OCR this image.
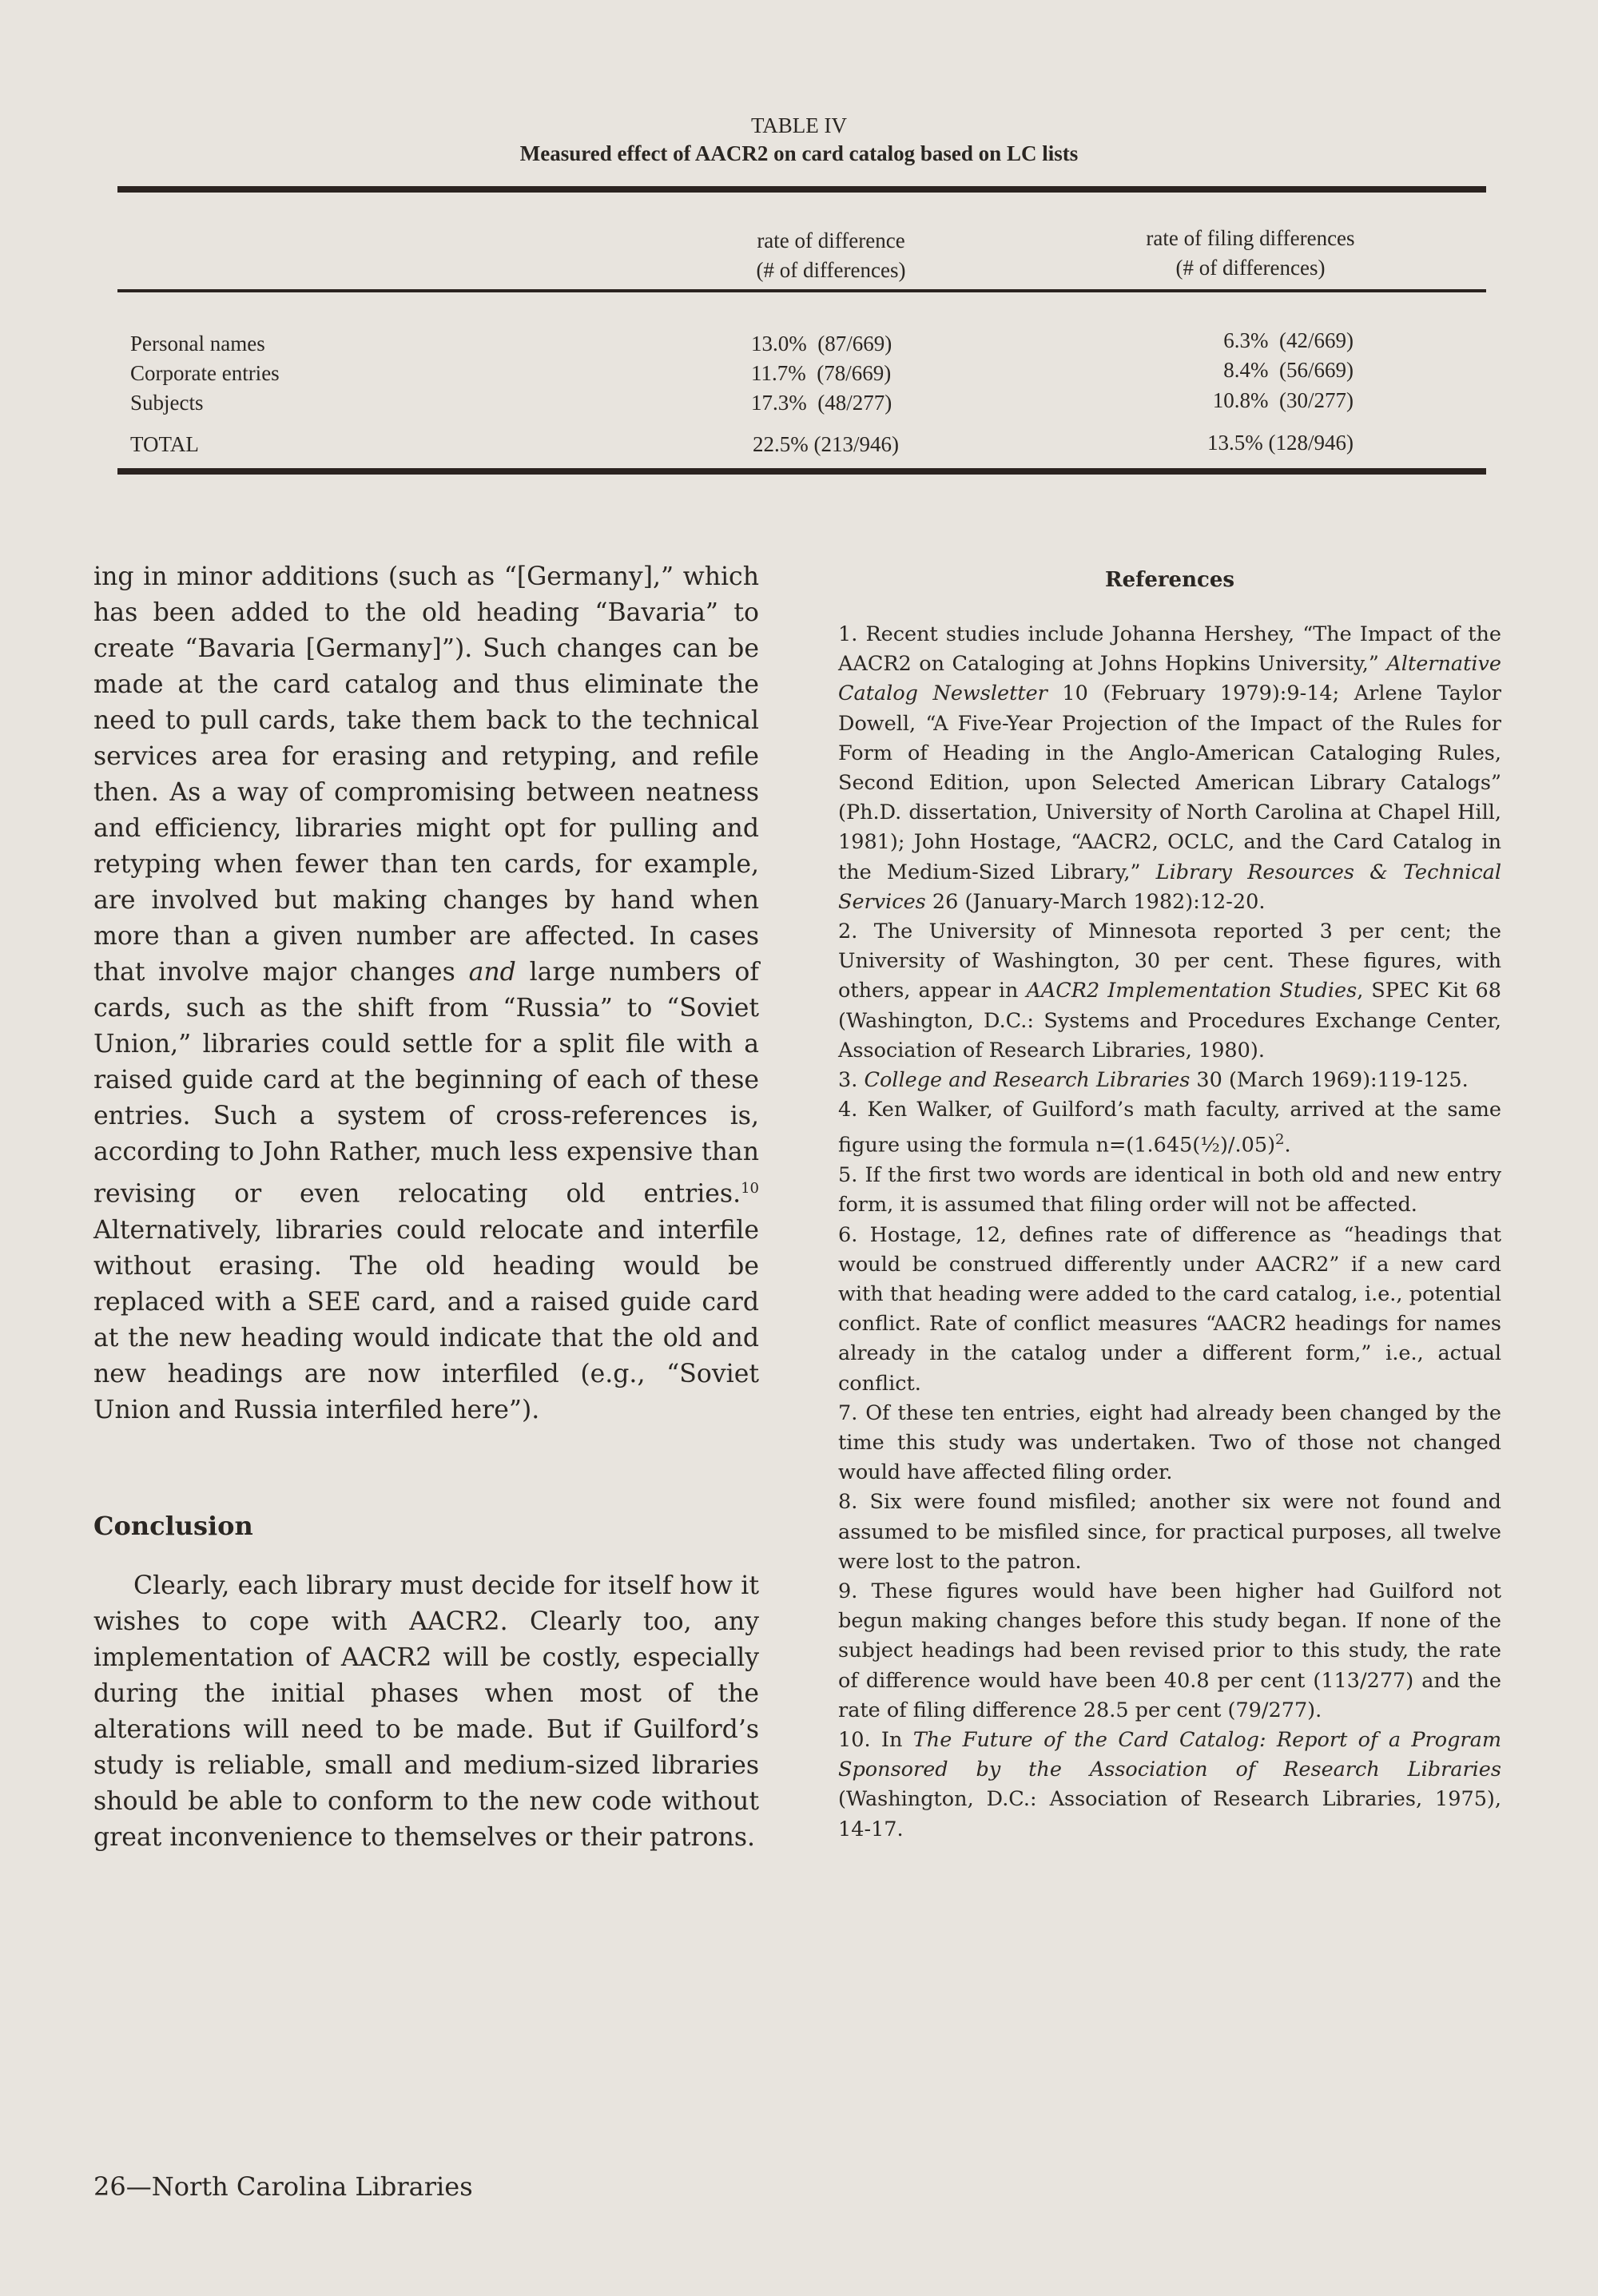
TABLE IV
Measured effect of AACR2 on card catalog based on LC lists
rate of difference
(# of differences)
rate of filing differences
(# of differences)
Personal names	13.0%  (87/669)	6.3%  (42/669)
Corporate entries	11.7%  (78/669)	8.4%  (56/669)
Subjects	17.3%  (48/277)	10.8%  (30/277)
TOTAL	22.5% (213/946)	13.5% (128/946)

ing in minor additions (such as “[Germany],” which has been added to the old heading “Bavaria” to create “Bavaria [Germany]”). Such changes can be made at the card catalog and thus eliminate the need to pull cards, take them back to the technical services area for erasing and retyping, and refile then. As a way of compromising between neatness and efficiency, libraries might opt for pulling and retyping when fewer than ten cards, for example, are involved but making changes by hand when more than a given number are affected. In cases that involve major changes and large numbers of cards, such as the shift from “Russia” to “Soviet Union,” libraries could settle for a split file with a raised guide card at the beginning of each of these entries. Such a system of cross-references is, according to John Rather, much less expensive than revising or even relocating old entries.$^{10}$ Alternatively, libraries could relocate and interfile without erasing. The old heading would be replaced with a SEE card, and a raised guide card at the new heading would indicate that the old and new headings are now interfiled (e.g., “Soviet Union and Russia interfiled here”).

Conclusion

Clearly, each library must decide for itself how it wishes to cope with AACR2. Clearly too, any implementation of AACR2 will be costly, especially during the initial phases when most of the alterations will need to be made. But if Guilford’s study is reliable, small and medium-sized libraries should be able to conform to the new code without great inconvenience to themselves or their patrons.

References

1. Recent studies include Johanna Hershey, “The Impact of the AACR2 on Cataloging at Johns Hopkins University,” Alternative Catalog Newsletter 10 (February 1979):9-14; Arlene Taylor Dowell, “A Five-Year Projection of the Impact of the Rules for Form of Heading in the Anglo-American Cataloging Rules, Second Edition, upon Selected American Library Catalogs” (Ph.D. dissertation, University of North Carolina at Chapel Hill, 1981); John Hostage, “AACR2, OCLC, and the Card Catalog in the Medium-Sized Library,” Library Resources & Technical Services 26 (January-March 1982):12-20.

2. The University of Minnesota reported 3 per cent; the University of Washington, 30 per cent. These figures, with others, appear in AACR2 Implementation Studies, SPEC Kit 68 (Washington, D.C.: Systems and Procedures Exchange Center, Association of Research Libraries, 1980).

3. College and Research Libraries 30 (March 1969):119-125.

4. Ken Walker, of Guilford’s math faculty, arrived at the same figure using the formula n=(1.645(½)/.05)$^2$.

5. If the first two words are identical in both old and new entry form, it is assumed that filing order will not be affected.

6. Hostage, 12, defines rate of difference as “headings that would be construed differently under AACR2” if a new card with that heading were added to the card catalog, i.e., potential conflict. Rate of conflict measures “AACR2 headings for names already in the catalog under a different form,” i.e., actual conflict.

7. Of these ten entries, eight had already been changed by the time this study was undertaken. Two of those not changed would have affected filing order.

8. Six were found misfiled; another six were not found and assumed to be misfiled since, for practical purposes, all twelve were lost to the patron.

9. These figures would have been higher had Guilford not begun making changes before this study began. If none of the subject headings had been revised prior to this study, the rate of difference would have been 40.8 per cent (113/277) and the rate of filing difference 28.5 per cent (79/277).

10. In The Future of the Card Catalog: Report of a Program Sponsored by the Association of Research Libraries (Washington, D.C.: Association of Research Libraries, 1975), 14-17.

26—North Carolina Libraries
